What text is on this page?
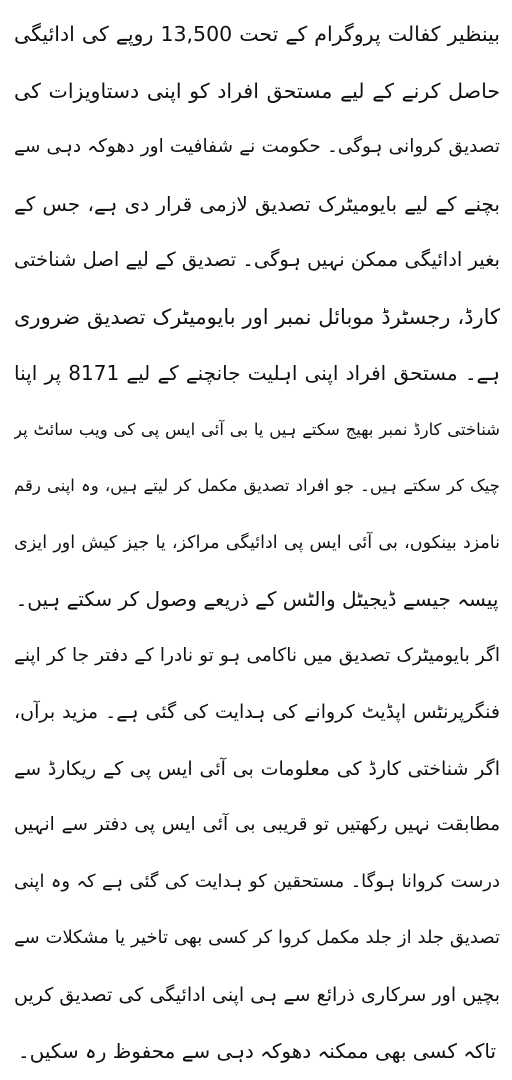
بینظیر کفالت پروگرام کے تحت 13,500 روپے کی ادائیگی
حاصل کرنے کے لیے مستحق افراد کو اپنی دستاویزات کی
تصدیق کروانی ہوگی۔ حکومت نے شفافیت اور دھوکہ دہی سے
بچنے کے لیے بایومیٹرک تصدیق لازمی قرار دی ہے، جس کے
بغیر ادائیگی ممکن نہیں ہوگی۔ تصدیق کے لیے اصل شناختی
کارڈ، رجسٹرڈ موبائل نمبر اور بایومیٹرک تصدیق ضروری
ہے۔ مستحق افراد اپنی اہلیت جانچنے کے لیے 8171 پر اپنا
شناختی کارڈ نمبر بھیج سکتے ہیں یا بی آئی ایس پی کی ویب سائٹ پر
چیک کر سکتے ہیں۔ جو افراد تصدیق مکمل کر لیتے ہیں، وہ اپنی رقم
نامزد بینکوں، بی آئی ایس پی ادائیگی مراکز، یا جیز کیش اور ایزی
پیسہ جیسے ڈیجیٹل والٹس کے ذریعے وصول کر سکتے ہیں۔
اگر بایومیٹرک تصدیق میں ناکامی ہو تو نادرا کے دفتر جا کر اپنے
فنگرپرنٹس اپڈیٹ کروانے کی ہدایت کی گئی ہے۔ مزید برآں،
اگر شناختی کارڈ کی معلومات بی آئی ایس پی کے ریکارڈ سے
مطابقت نہیں رکھتیں تو قریبی بی آئی ایس پی دفتر سے انہیں
درست کروانا ہوگا۔ مستحقین کو ہدایت کی گئی ہے کہ وہ اپنی
تصدیق جلد از جلد مکمل کروا کر کسی بھی تاخیر یا مشکلات سے
بچیں اور سرکاری ذرائع سے ہی اپنی ادائیگی کی تصدیق کریں
تاکہ کسی بھی ممکنہ دھوکہ دہی سے محفوظ رہ سکیں۔
